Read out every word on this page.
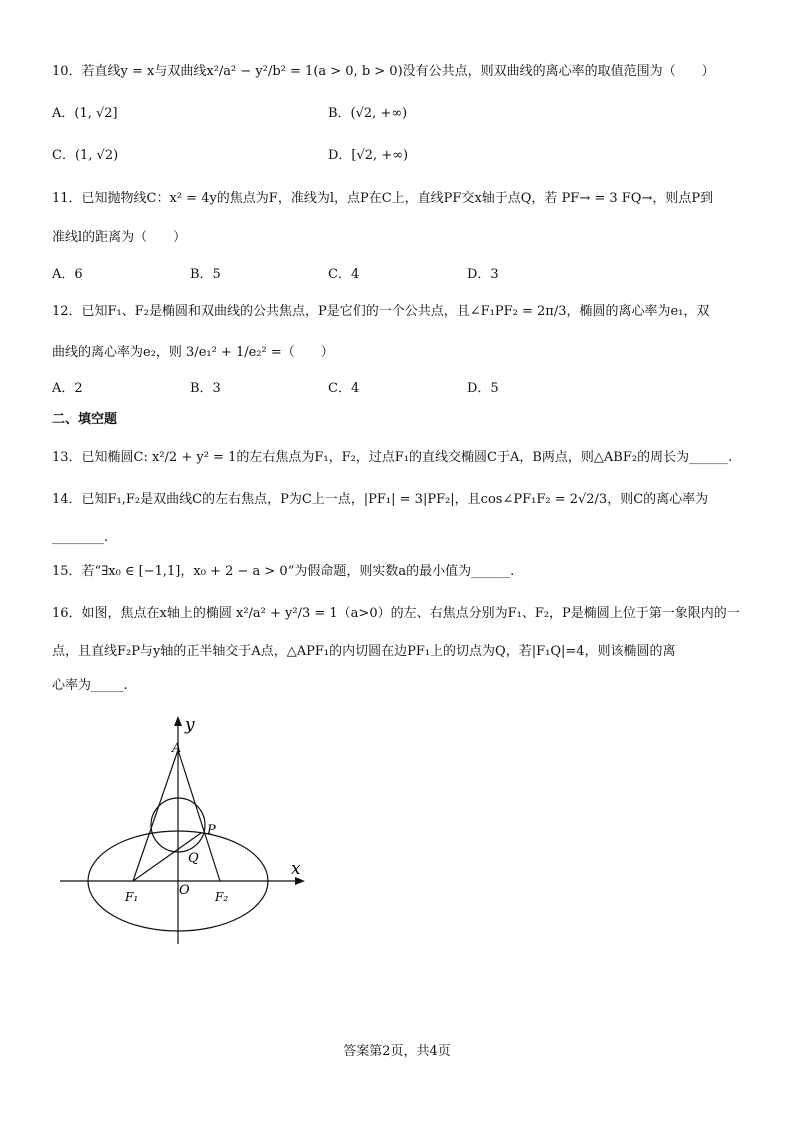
10．若直线y = x与双曲线x²/a² − y²/b² = 1(a > 0, b > 0)没有公共点，则双曲线的离心率的取值范围为（　　）
A．(1, √2]	B．(√2, +∞)
C．(1, √2)	D．[√2, +∞)
11．已知抛物线C：x² = 4y的焦点为F，准线为l，点P在C上，直线PF交x轴于点Q，若 PF→ = 3 FQ→，则点P到
准线l的距离为（　　）
A．6	B．5	C．4	D．3
12．已知F₁、F₂是椭圆和双曲线的公共焦点，P是它们的一个公共点，且∠F₁PF₂ = 2π/3，椭圆的离心率为e₁，双
曲线的离心率为e₂，则 3/e₁² + 1/e₂² =（　　）
A．2	B．3	C．4	D．5
二、填空题
13．已知椭圆C: x²/2 + y² = 1的左右焦点为F₁，F₂，过点F₁的直线交椭圆C于A，B两点，则△ABF₂的周长为______.
14．已知F₁,F₂是双曲线C的左右焦点，P为C上一点，|PF₁| = 3|PF₂|，且cos∠PF₁F₂ = 2√2/3，则C的离心率为
________.
15．若“∃x₀ ∈ [−1,1]，x₀ + 2 − a > 0”为假命题，则实数a的最小值为______.
16．如图，焦点在x轴上的椭圆 x²/a² + y²/3 = 1（a>0）的左、右焦点分别为F₁、F₂，P是椭圆上位于第一象限内的一
点，且直线F₂P与y轴的正半轴交于A点，△APF₁的内切圆在边PF₁上的切点为Q，若|F₁Q|=4，则该椭圆的离
心率为_____.
y
A
P
Q
x
O
F₁	F₂
答案第2页，共4页
